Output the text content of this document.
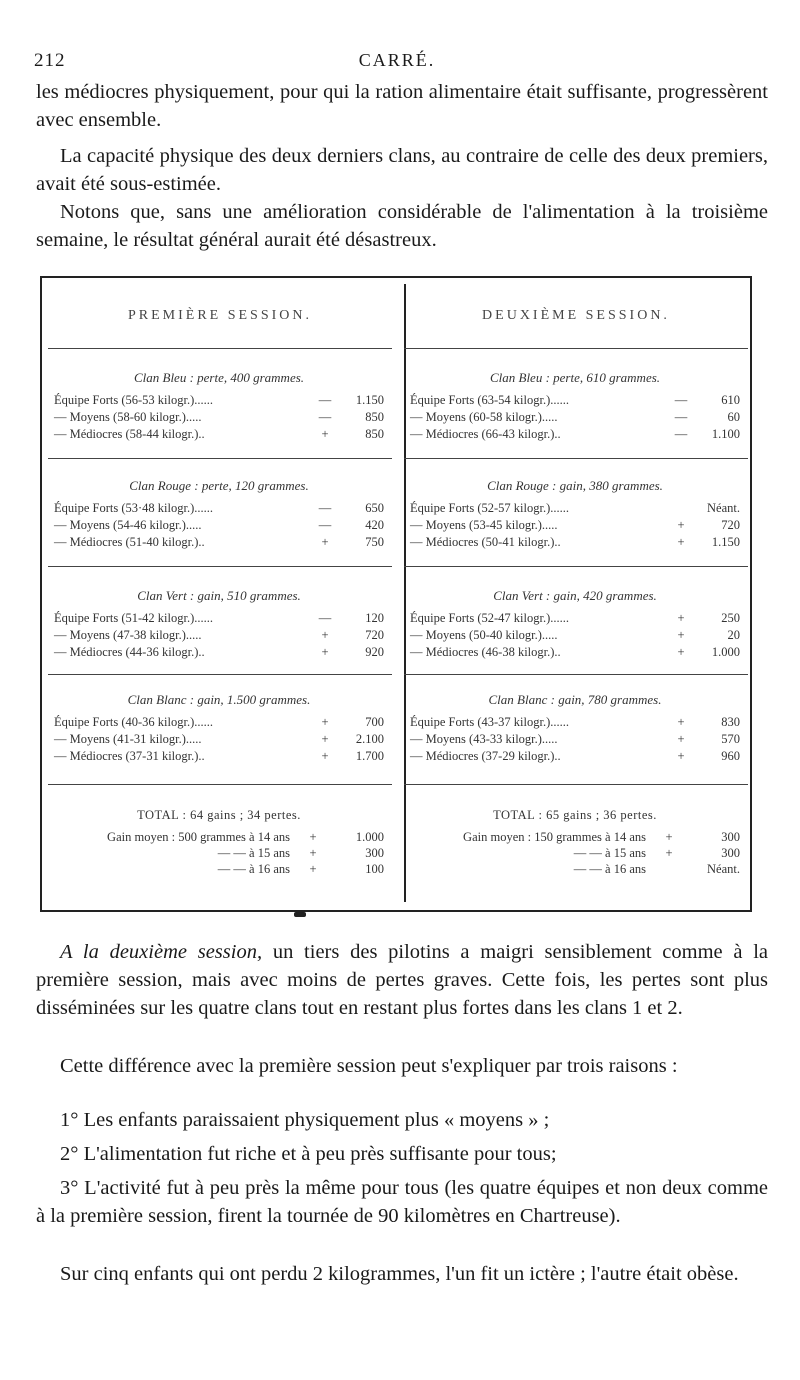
212	CARRÉ.

les médiocres physiquement, pour qui la ration alimentaire était suffisante, progressèrent avec ensemble.

La capacité physique des deux derniers clans, au contraire de celle des deux premiers, avait été sous-estimée.

Notons que, sans une amélioration considérable de l'alimentation à la troisième semaine, le résultat général aurait été désastreux.

PREMIÈRE SESSION.
Clan Bleu : perte, 400 grammes.
Équipe Forts (56-53 kilogr.)......	—	1.150
— Moyens (58-60 kilogr.).....	—	850
— Médiocres (58-44 kilogr.)..	+	850
Clan Rouge : perte, 120 grammes.
Équipe Forts (53·48 kilogr.)......	—	650
— Moyens (54-46 kilogr.).....	—	420
— Médiocres (51-40 kilogr.)..	+	750
Clan Vert : gain, 510 grammes.
Équipe Forts (51-42 kilogr.)......	—	120
— Moyens (47-38 kilogr.).....	+	720
— Médiocres (44-36 kilogr.)..	+	920
Clan Blanc : gain, 1.500 grammes.
Équipe Forts (40-36 kilogr.)......	+	700
— Moyens (41-31 kilogr.).....	+	2.100
— Médiocres (37-31 kilogr.)..	+	1.700
TOTAL : 64 gains ; 34 pertes.
Gain moyen : 500 grammes à 14 ans	+	1.000
— — à 15 ans	+	300
— — à 16 ans	+	100
DEUXIÈME SESSION.
Clan Bleu : perte, 610 grammes.
Équipe Forts (63-54 kilogr.)......	—	610
— Moyens (60-58 kilogr.).....	—	60
— Médiocres (66-43 kilogr.)..	—	1.100
Clan Rouge : gain, 380 grammes.
Équipe Forts (52-57 kilogr.)......	Néant.
— Moyens (53-45 kilogr.).....	+	720
— Médiocres (50-41 kilogr.)..	+	1.150
Clan Vert : gain, 420 grammes.
Équipe Forts (52-47 kilogr.)......	+	250
— Moyens (50-40 kilogr.).....	+	20
— Médiocres (46-38 kilogr.)..	+	1.000
Clan Blanc : gain, 780 grammes.
Équipe Forts (43-37 kilogr.)......	+	830
— Moyens (43-33 kilogr.).....	+	570
— Médiocres (37-29 kilogr.)..	+	960
TOTAL : 65 gains ; 36 pertes.
Gain moyen : 150 grammes à 14 ans	+	300
— — à 15 ans	+	300
— — à 16 ans	Néant.

A la deuxième session, un tiers des pilotins a maigri sensiblement comme à la première session, mais avec moins de pertes graves. Cette fois, les pertes sont plus disséminées sur les quatre clans tout en restant plus fortes dans les clans 1 et 2.

Cette différence avec la première session peut s'expliquer par trois raisons :

1° Les enfants paraissaient physiquement plus « moyens » ;

2° L'alimentation fut riche et à peu près suffisante pour tous;

3° L'activité fut à peu près la même pour tous (les quatre équipes et non deux comme à la première session, firent la tournée de 90 kilomètres en Chartreuse).

Sur cinq enfants qui ont perdu 2 kilogrammes, l'un fit un ictère ; l'autre était obèse.
